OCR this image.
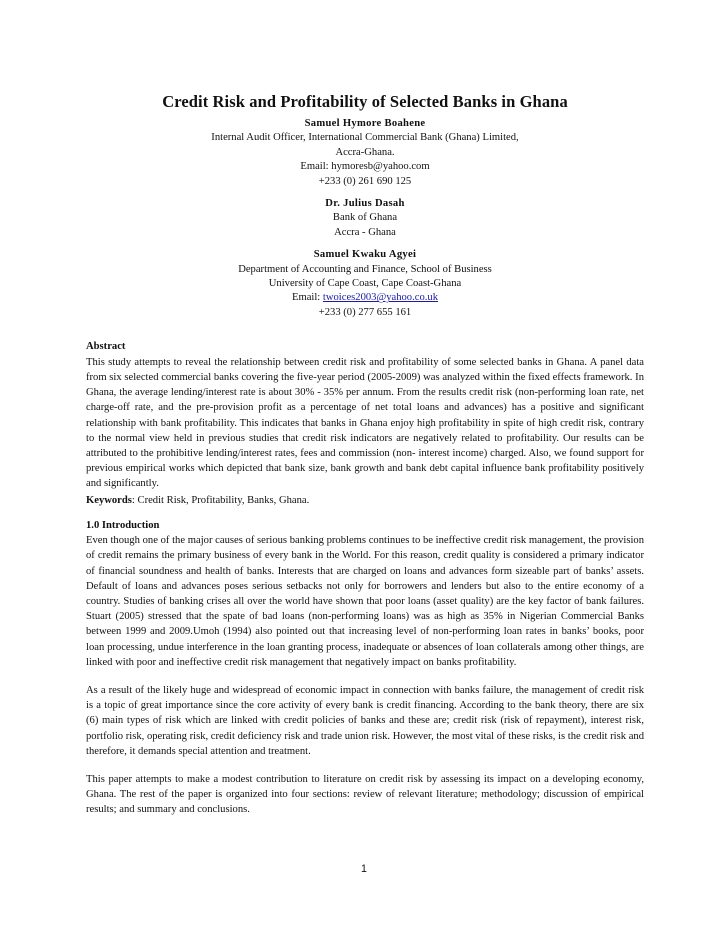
Credit Risk and Profitability of Selected Banks in Ghana
Samuel Hymore Boahene
Internal Audit Officer, International Commercial Bank (Ghana) Limited,
Accra-Ghana.
Email: hymoresb@yahoo.com
+233 (0) 261 690 125
Dr. Julius Dasah
Bank of Ghana
Accra - Ghana
Samuel Kwaku Agyei
Department of Accounting and Finance, School of Business
University of Cape Coast, Cape Coast-Ghana
Email: twoices2003@yahoo.co.uk
+233 (0) 277 655 161
Abstract

This study attempts to reveal the relationship between credit risk and profitability of some selected banks in Ghana. A panel data from six selected commercial banks covering the five-year period (2005-2009) was analyzed within the fixed effects framework. In Ghana, the average lending/interest rate is about 30% - 35% per annum. From the results credit risk (non-performing loan rate, net charge-off rate, and the pre-provision profit as a percentage of net total loans and advances) has a positive and significant relationship with bank profitability. This indicates that banks in Ghana enjoy high profitability in spite of high credit risk, contrary to the normal view held in previous studies that credit risk indicators are negatively related to profitability. Our results can be attributed to the prohibitive lending/interest rates, fees and commission (non- interest income) charged. Also, we found support for previous empirical works which depicted that bank size, bank growth and bank debt capital influence bank profitability positively and significantly.

Keywords: Credit Risk, Profitability, Banks, Ghana.
1.0 Introduction

Even though one of the major causes of serious banking problems continues to be ineffective credit risk management, the provision of credit remains the primary business of every bank in the World. For this reason, credit quality is considered a primary indicator of financial soundness and health of banks. Interests that are charged on loans and advances form sizeable part of banks’ assets. Default of loans and advances poses serious setbacks not only for borrowers and lenders but also to the entire economy of a country. Studies of banking crises all over the world have shown that poor loans (asset quality) are the key factor of bank failures. Stuart (2005) stressed that the spate of bad loans (non-performing loans) was as high as 35% in Nigerian Commercial Banks between 1999 and 2009.Umoh (1994) also pointed out that increasing level of non-performing loan rates in banks’ books, poor loan processing, undue interference in the loan granting process, inadequate or absences of loan collaterals among other things, are linked with poor and ineffective credit risk management that negatively impact on banks profitability.

As a result of the likely huge and widespread of economic impact in connection with banks failure, the management of credit risk is a topic of great importance since the core activity of every bank is credit financing. According to the bank theory, there are six (6) main types of risk which are linked with credit policies of banks and these are; credit risk (risk of repayment), interest risk, portfolio risk, operating risk, credit deficiency risk and trade union risk. However, the most vital of these risks, is the credit risk and therefore, it demands special attention and treatment.

This paper attempts to make a modest contribution to literature on credit risk by assessing its impact on a developing economy, Ghana. The rest of the paper is organized into four sections: review of relevant literature; methodology; discussion of empirical results; and summary and conclusions.

1
